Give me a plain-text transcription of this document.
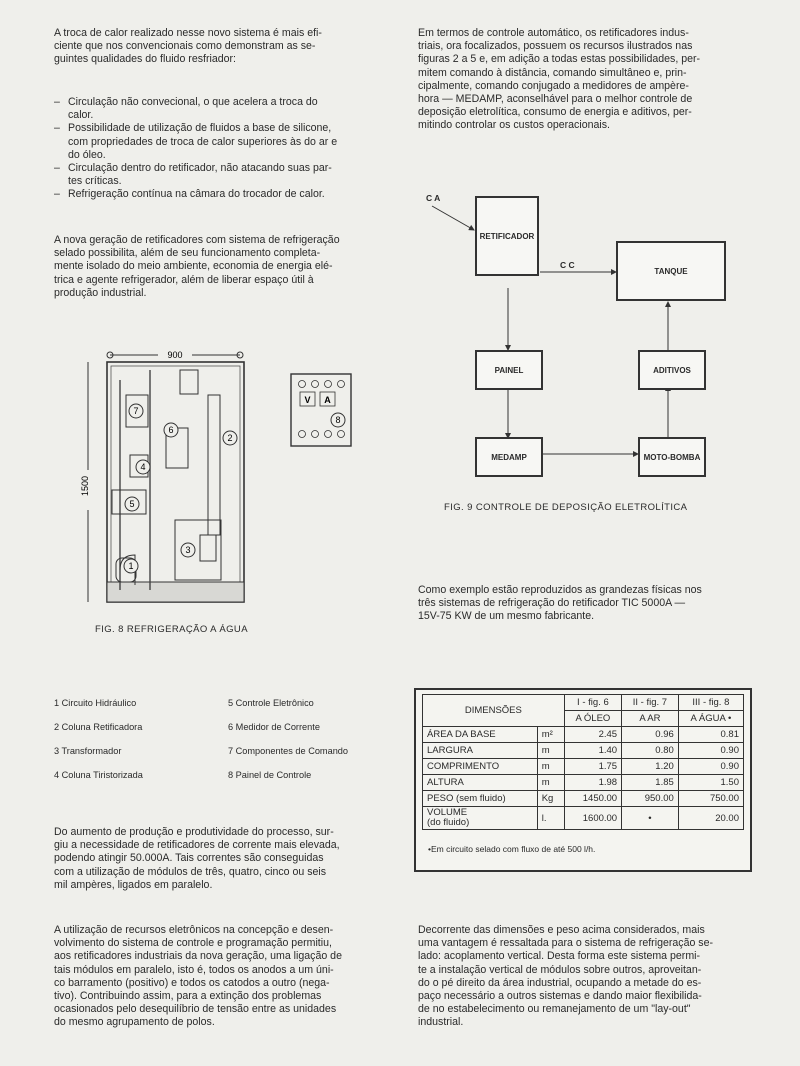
A troca de calor realizado nesse novo sistema é mais efi-
ciente que nos convencionais como demonstram as se-
guintes qualidades do fluido resfriador:
– Circulação não convecional, o que acelera a troca do
calor.
– Possibilidade de utilização de fluidos a base de silicone,
com propriedades de troca de calor superiores às do ar e
do óleo.
– Circulação dentro do retificador, não atacando suas par-
tes críticas.
– Refrigeração contínua na câmara do trocador de calor.
A nova geração de retificadores com sistema de refrigeração
selado possibilita, além de seu funcionamento completa-
mente isolado do meio ambiente, economia de energia elé-
trica e agente refrigerador, além de liberar espaço útil à
produção industrial.
Em termos de controle automático, os retificadores indus-
triais, ora focalizados, possuem os recursos ilustrados nas
figuras 2 a 5 e, em adição a todas estas possibilidades, per-
mitem comando à distância, comando simultâneo e, prin-
cipalmente, comando conjugado a medidores de ampère-
hora — MEDAMP, aconselhável para o melhor controle de
deposição eletrolítica, consumo de energia e aditivos, per-
mitindo controlar os custos operacionais.
900
1500
7
6
2
4
5
3
1
V A
8
FIG. 8 REFRIGERAÇÃO A ÁGUA
C A
C C
RETIFICADOR
TANQUE
PAINEL	ADITIVOS
MEDAMP	MOTO-BOMBA
FIG. 9 CONTROLE DE DEPOSIÇÃO ELETROLÍTICA
Como exemplo estão reproduzidos as grandezas físicas nos
três sistemas de refrigeração do retificador TIC 5000A —
15V-75 KW de um mesmo fabricante.
1 Circuito Hidráulico
2 Coluna Retificadora
3 Transformador
4 Coluna Tiristorizada
5 Controle Eletrônico
6 Medidor de Corrente
7 Componentes de Comando
8 Painel de Controle
DIMENSÕES		I - fig. 6	II - fig. 7	III - fig. 8
		A ÓLEO	A AR	A ÁGUA •
ÁREA DA BASE	m²	2.45	0.96	0.81
LARGURA	m	1.40	0.80	0.90
COMPRIMENTO	m	1.75	1.20	0.90
ALTURA	m	1.98	1.85	1.50
PESO (sem fluido)	Kg	1450.00	950.00	750.00

VOLUME
(do fluido)	l.	1600.00	•	20.00
•Em circuito selado com fluxo de até 500 l/h.
Do aumento de produção e produtividade do processo, sur-
giu a necessidade de retificadores de corrente mais elevada,
podendo atingir 50.000A. Tais correntes são conseguidas
com a utilização de módulos de três, quatro, cinco ou seis
mil ampères, ligados em paralelo.
A utilização de recursos eletrônicos na concepção e desen-
volvimento do sistema de controle e programação permitiu,
aos retificadores industriais da nova geração, uma ligação de
tais módulos em paralelo, isto é, todos os anodos a um úni-
co barramento (positivo) e todos os catodos a outro (nega-
tivo). Contribuindo assim, para a extinção dos problemas
ocasionados pelo desequilíbrio de tensão entre as unidades
do mesmo agrupamento de polos.
Decorrente das dimensões e peso acima considerados, mais
uma vantagem é ressaltada para o sistema de refrigeração se-
lado: acoplamento vertical. Desta forma este sistema permi-
te a instalação vertical de módulos sobre outros, aproveitan-
do o pé direito da área industrial, ocupando a metade do es-
paço necessário a outros sistemas e dando maior flexibilida-
de no estabelecimento ou remanejamento de um "lay-out"
industrial.
